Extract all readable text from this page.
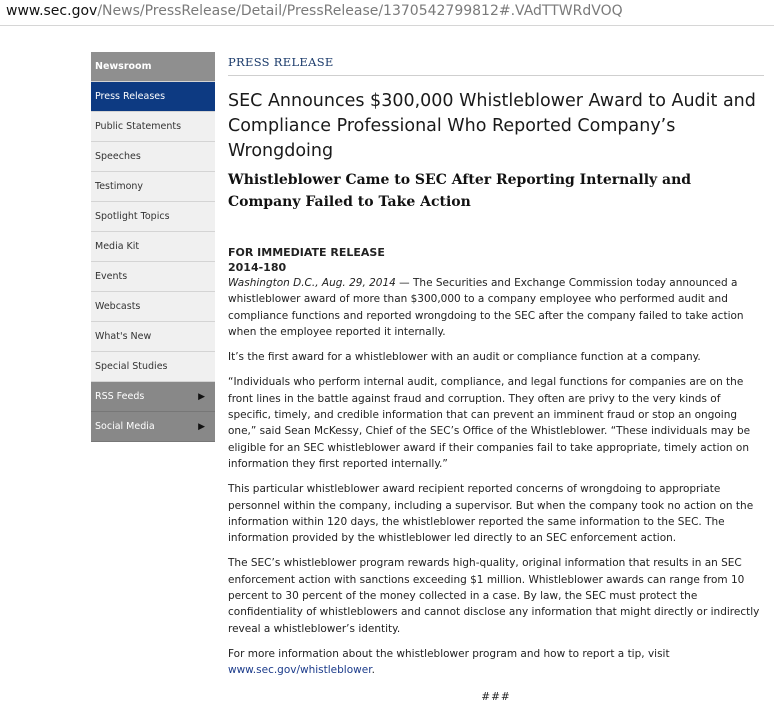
www.sec.gov/News/PressRelease/Detail/PressRelease/1370542799812#.VAdTTWRdVOQ
Newsroom
Press Releases
Public Statements
Speeches
Testimony
Spotlight Topics
Media Kit
Events
Webcasts
What's New
Special Studies
RSS Feeds	▶
Social Media	▶
PRESS RELEASE
SEC Announces $300,000 Whistleblower Award to Audit and Compliance Professional Who Reported Company’s Wrongdoing
Whistleblower Came to SEC After Reporting Internally and Company Failed to Take Action
FOR IMMEDIATE RELEASE
2014-180

Washington D.C., Aug. 29, 2014 — The Securities and Exchange Commission today announced a whistleblower award of more than $300,000 to a company employee who performed audit and compliance functions and reported wrongdoing to the SEC after the company failed to take action when the employee reported it internally.

It’s the first award for a whistleblower with an audit or compliance function at a company.

“Individuals who perform internal audit, compliance, and legal functions for companies are on the front lines in the battle against fraud and corruption. They often are privy to the very kinds of specific, timely, and credible information that can prevent an imminent fraud or stop an ongoing one,” said Sean McKessy, Chief of the SEC’s Office of the Whistleblower. “These individuals may be eligible for an SEC whistleblower award if their companies fail to take appropriate, timely action on information they first reported internally.”

This particular whistleblower award recipient reported concerns of wrongdoing to appropriate personnel within the company, including a supervisor. But when the company took no action on the information within 120 days, the whistleblower reported the same information to the SEC. The information provided by the whistleblower led directly to an SEC enforcement action.

The SEC’s whistleblower program rewards high-quality, original information that results in an SEC enforcement action with sanctions exceeding $1 million. Whistleblower awards can range from 10 percent to 30 percent of the money collected in a case. By law, the SEC must protect the confidentiality of whistleblowers and cannot disclose any information that might directly or indirectly reveal a whistleblower’s identity.

For more information about the whistleblower program and how to report a tip, visit www.sec.gov/whistleblower.

###
